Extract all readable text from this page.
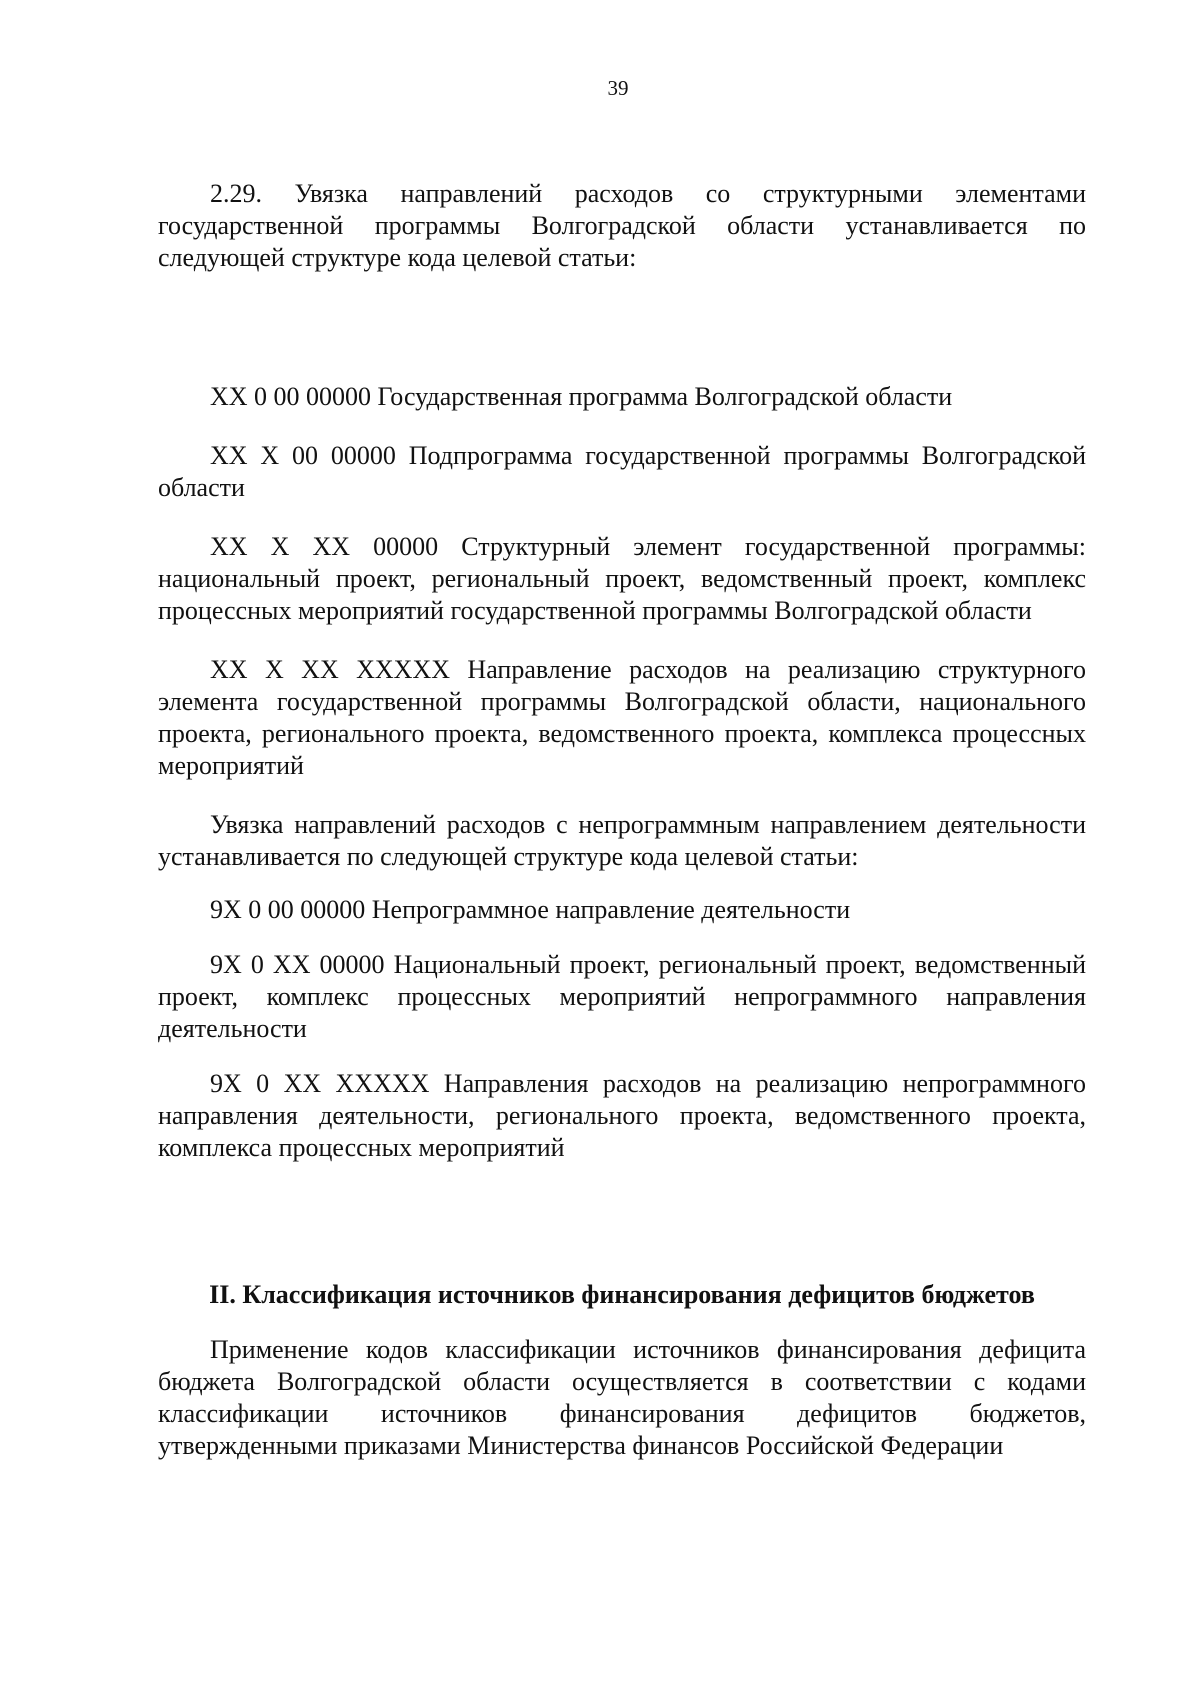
39

2.29. Увязка направлений расходов со структурными элементами государственной программы Волгоградской области устанавливается по следующей структуре кода целевой статьи:

XX 0 00 00000 Государственная программа Волгоградской области

XX X 00 00000 Подпрограмма государственной программы Волгоградской области

XX X XX 00000 Структурный элемент государственной программы: национальный проект, региональный проект, ведомственный проект, комплекс процессных мероприятий государственной программы Волгоградской области

XX X XX XXXXX Направление расходов на реализацию структурного элемента государственной программы Волгоградской области, национального проекта, регионального проекта, ведомственного проекта, комплекса процессных мероприятий

Увязка направлений расходов с непрограммным направлением деятельности устанавливается по следующей структуре кода целевой статьи:

9X 0 00 00000 Непрограммное направление деятельности

9X 0 XX 00000 Национальный проект, региональный проект, ведомственный проект, комплекс процессных мероприятий непрограммного направления деятельности

9X 0 XX XXXXX Направления расходов на реализацию непрограммного направления деятельности, регионального проекта, ведомственного проекта, комплекса процессных мероприятий

II. Классификация источников финансирования дефицитов бюджетов

Применение кодов классификации источников финансирования дефицита бюджета Волгоградской области осуществляется в соответствии с кодами классификации источников финансирования дефицитов бюджетов, утвержденными приказами Министерства финансов Российской Федерации
